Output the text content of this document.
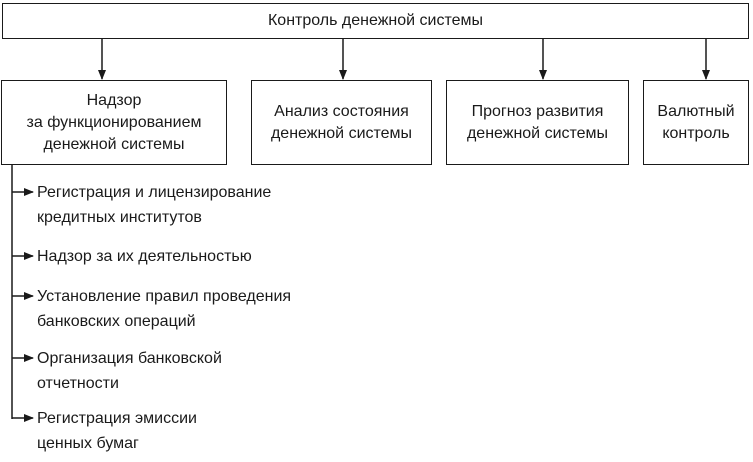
Контроль денежной системы
Надзор
за функционированием
денежной системы
Анализ состояния
денежной системы
Прогноз развития
денежной системы
Валютный
контроль
Регистрация и лицензирование
кредитных институтов
Надзор за их деятельностью
Установление правил проведения
банковских операций
Организация банковской
отчетности
Регистрация эмиссии
ценных бумаг
